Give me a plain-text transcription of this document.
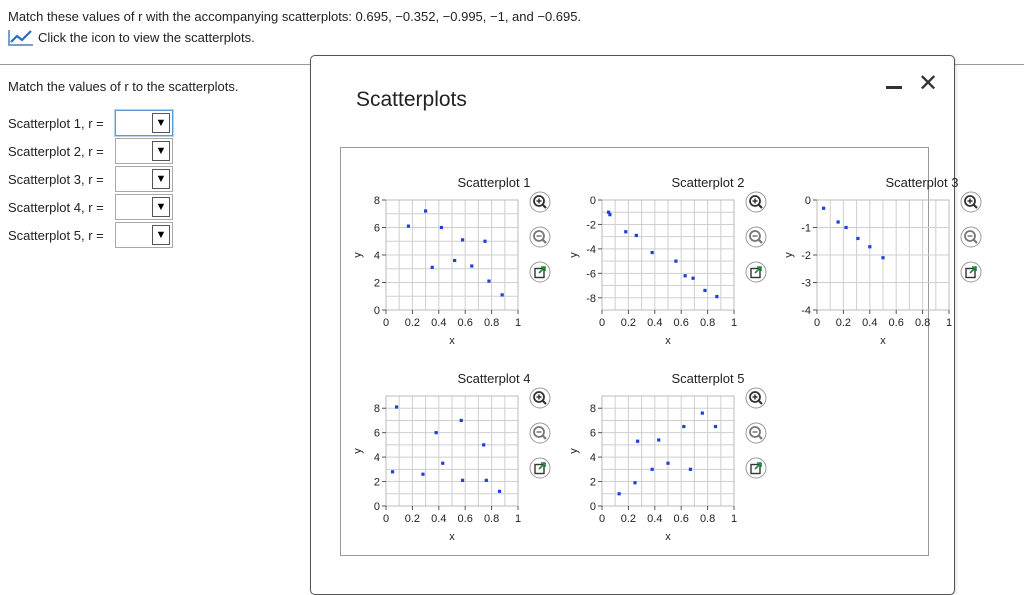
Match these values of r with the accompanying scatterplots: 0.695, −0.352, −0.995, −1, and −0.695.
Click the icon to view the scatterplots.
Match the values of r to the scatterplots.
Scatterplot 1, r =	▼
Scatterplot 2, r =	▼
Scatterplot 3, r =	▼
Scatterplot 4, r =	▼
Scatterplot 5, r =	▼
Scatterplots
✕
Scatterplot 1
0 0.2 0.4 0.6 0.8 1
0
2
4
6
8
x
y
Scatterplot 2
0 0.2 0.4 0.6 0.8 1
0
-2
-4
-6
-8
x
y
Scatterplot 3
0 0.2 0.4 0.6 0.8 1
0
-1
-2
-3
-4
x
y
Scatterplot 4
0 0.2 0.4 0.6 0.8 1
0
2
4
6
8
x
y
Scatterplot 5
0 0.2 0.4 0.6 0.8 1
0
2
4
6
8
x
y
